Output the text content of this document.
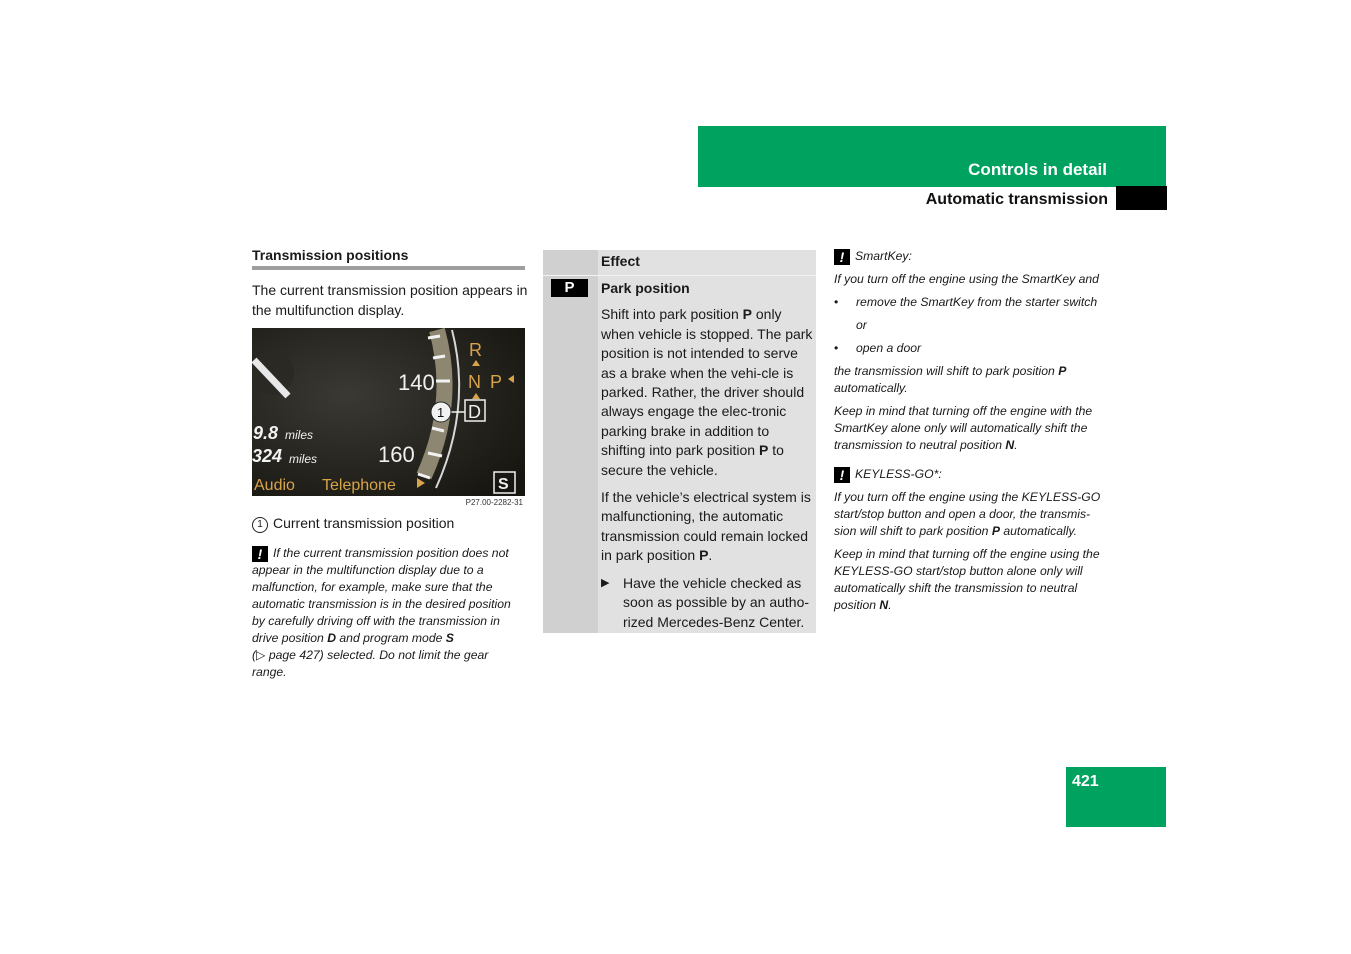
Controls in detail
Automatic transmission
Transmission positions
The current transmission position appears in the multifunction display.
140
160
R
N P
D
1
9.8 miles
324 miles
Audio Telephone	S
P27.00-2282-31
1 Current transmission position
! If the current transmission position does not appear in the multifunction display due to a malfunction, for example, make sure that the automatic transmission is in the desired position by carefully driving off with the transmission in drive position D and program mode S
(▷ page 427) selected. Do not limit the gear range.
Effect
P	Park position

Shift into park position P only when vehicle is stopped. The park position is not intended to serve as a brake when the vehi-cle is parked. Rather, the driver should always engage the elec-tronic parking brake in addition to shifting into park position P to secure the vehicle.

If the vehicle’s electrical system is malfunctioning, the automatic transmission could remain locked in park position P.

▶ Have the vehicle checked as soon as possible by an autho-rized Mercedes-Benz Center.

! SmartKey:

If you turn off the engine using the SmartKey and

• remove the SmartKey from the starter switch

or

• open a door

the transmission will shift to park position P automatically.

Keep in mind that turning off the engine with the SmartKey alone only will automatically shift the transmission to neutral position N.

! KEYLESS-GO*:

If you turn off the engine using the KEYLESS-GO start/stop button and open a door, the transmis-sion will shift to park position P automatically.

Keep in mind that turning off the engine using the KEYLESS-GO start/stop button alone only will automatically shift the transmission to neutral position N.

421
